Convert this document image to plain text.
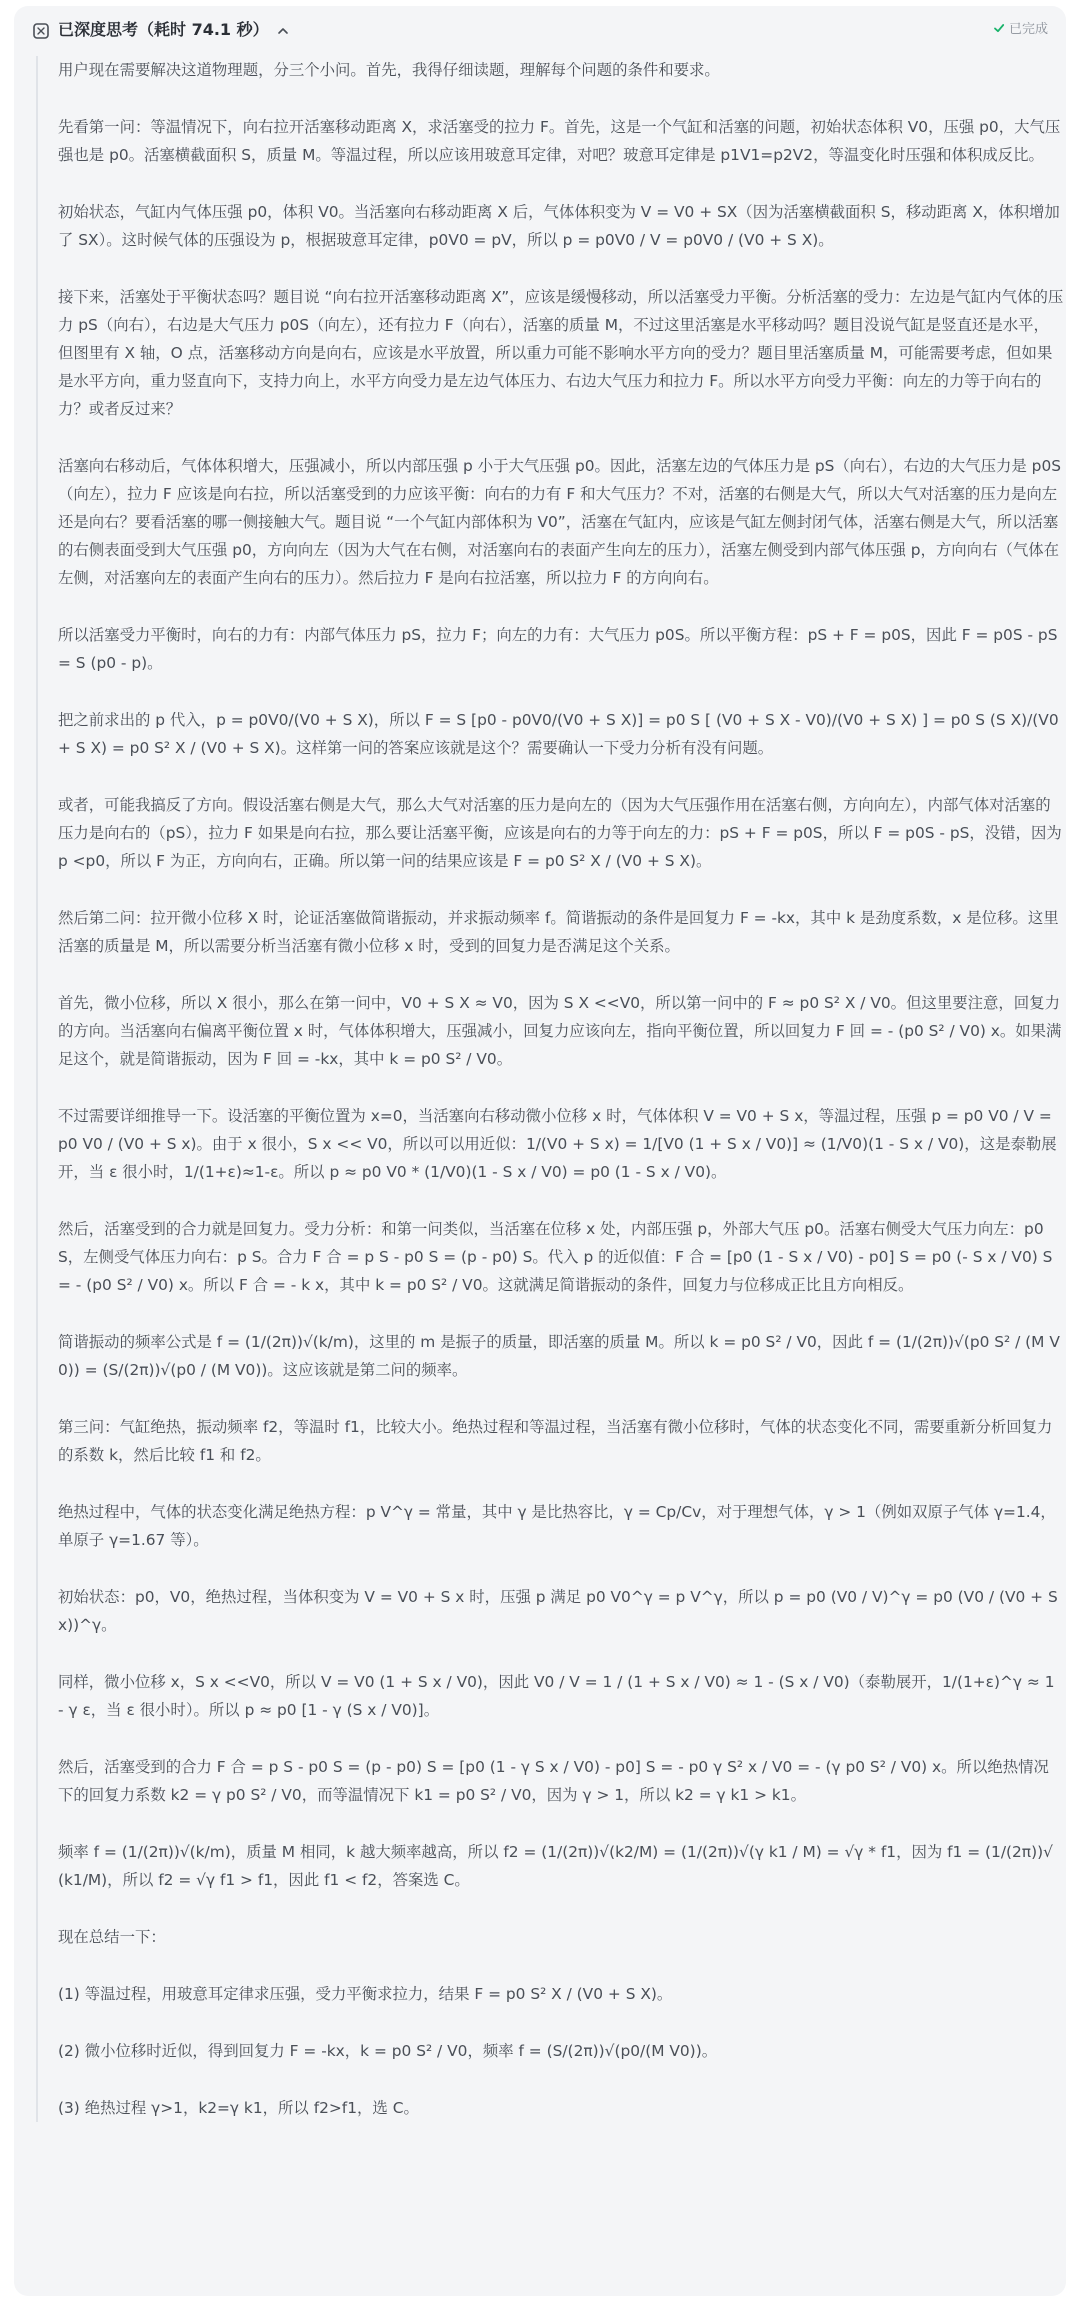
已深度思考（耗时 74.1 秒）	已完成

用户现在需要解决这道物理题，分三个小问。首先，我得仔细读题，理解每个问题的条件和要求。

先看第一问：等温情况下，向右拉开活塞移动距离 X，求活塞受的拉力 F。首先，这是一个气缸和活塞的问题，初始状态体积 V0，压强 p0，大气压强也是 p0。活塞横截面积 S，质量 M。等温过程，所以应该用玻意耳定律，对吧？玻意耳定律是 p1V1=p2V2，等温变化时压强和体积成反比。

初始状态，气缸内气体压强 p0，体积 V0。当活塞向右移动距离 X 后，气体体积变为 V = V0 + SX（因为活塞横截面积 S，移动距离 X，体积增加了 SX）。这时候气体的压强设为 p，根据玻意耳定律，p0V0 = pV，所以 p = p0V0 / V = p0V0 / (V0 + S X)。

接下来，活塞处于平衡状态吗？题目说 “向右拉开活塞移动距离 X”，应该是缓慢移动，所以活塞受力平衡。分析活塞的受力：左边是气缸内气体的压力 pS（向右），右边是大气压力 p0S（向左），还有拉力 F（向右），活塞的质量 M，不过这里活塞是水平移动吗？题目没说气缸是竖直还是水平，但图里有 X 轴，O 点，活塞移动方向是向右，应该是水平放置，所以重力可能不影响水平方向的受力？题目里活塞质量 M，可能需要考虑，但如果是水平方向，重力竖直向下，支持力向上，水平方向受力是左边气体压力、右边大气压力和拉力 F。所以水平方向受力平衡：向左的力等于向右的力？或者反过来？

活塞向右移动后，气体体积增大，压强减小，所以内部压强 p 小于大气压强 p0。因此，活塞左边的气体压力是 pS（向右），右边的大气压力是 p0S（向左），拉力 F 应该是向右拉，所以活塞受到的力应该平衡：向右的力有 F 和大气压力？不对，活塞的右侧是大气，所以大气对活塞的压力是向左还是向右？要看活塞的哪一侧接触大气。题目说 “一个气缸内部体积为 V0”，活塞在气缸内，应该是气缸左侧封闭气体，活塞右侧是大气，所以活塞的右侧表面受到大气压强 p0，方向向左（因为大气在右侧，对活塞向右的表面产生向左的压力），活塞左侧受到内部气体压强 p，方向向右（气体在左侧，对活塞向左的表面产生向右的压力）。然后拉力 F 是向右拉活塞，所以拉力 F 的方向向右。

所以活塞受力平衡时，向右的力有：内部气体压力 pS，拉力 F；向左的力有：大气压力 p0S。所以平衡方程：pS + F = p0S，因此 F = p0S - pS = S (p0 - p)。

把之前求出的 p 代入，p = p0V0/(V0 + S X)，所以 F = S [p0 - p0V0/(V0 + S X)] = p0 S [ (V0 + S X - V0)/(V0 + S X) ] = p0 S (S X)/(V0 + S X) = p0 S² X / (V0 + S X)。这样第一问的答案应该就是这个？需要确认一下受力分析有没有问题。

或者，可能我搞反了方向。假设活塞右侧是大气，那么大气对活塞的压力是向左的（因为大气压强作用在活塞右侧，方向向左），内部气体对活塞的压力是向右的（pS），拉力 F 如果是向右拉，那么要让活塞平衡，应该是向右的力等于向左的力：pS + F = p0S，所以 F = p0S - pS，没错，因为 p <p0，所以 F 为正，方向向右，正确。所以第一问的结果应该是 F = p0 S² X / (V0 + S X)。

然后第二问：拉开微小位移 X 时，论证活塞做简谐振动，并求振动频率 f。简谐振动的条件是回复力 F = -kx，其中 k 是劲度系数，x 是位移。这里活塞的质量是 M，所以需要分析当活塞有微小位移 x 时，受到的回复力是否满足这个关系。

首先，微小位移，所以 X 很小，那么在第一问中，V0 + S X ≈ V0，因为 S X <<V0，所以第一问中的 F ≈ p0 S² X / V0。但这里要注意，回复力的方向。当活塞向右偏离平衡位置 x 时，气体体积增大，压强减小，回复力应该向左，指向平衡位置，所以回复力 F 回 = - (p0 S² / V0) x。如果满足这个，就是简谐振动，因为 F 回 = -kx，其中 k = p0 S² / V0。

不过需要详细推导一下。设活塞的平衡位置为 x=0，当活塞向右移动微小位移 x 时，气体体积 V = V0 + S x，等温过程，压强 p = p0 V0 / V = p0 V0 / (V0 + S x)。由于 x 很小，S x << V0，所以可以用近似：1/(V0 + S x) = 1/[V0 (1 + S x / V0)] ≈ (1/V0)(1 - S x / V0)，这是泰勒展开，当 ε 很小时，1/(1+ε)≈1-ε。所以 p ≈ p0 V0 * (1/V0)(1 - S x / V0) = p0 (1 - S x / V0)。

然后，活塞受到的合力就是回复力。受力分析：和第一问类似，当活塞在位移 x 处，内部压强 p，外部大气压 p0。活塞右侧受大气压力向左：p0 S，左侧受气体压力向右：p S。合力 F 合 = p S - p0 S = (p - p0) S。代入 p 的近似值：F 合 = [p0 (1 - S x / V0) - p0] S = p0 (- S x / V0) S = - (p0 S² / V0) x。所以 F 合 = - k x，其中 k = p0 S² / V0。这就满足简谐振动的条件，回复力与位移成正比且方向相反。

简谐振动的频率公式是 f = (1/(2π))√(k/m)，这里的 m 是振子的质量，即活塞的质量 M。所以 k = p0 S² / V0，因此 f = (1/(2π))√(p0 S² / (M V0)) = (S/(2π))√(p0 / (M V0))。这应该就是第二问的频率。

第三问：气缸绝热，振动频率 f2，等温时 f1，比较大小。绝热过程和等温过程，当活塞有微小位移时，气体的状态变化不同，需要重新分析回复力的系数 k，然后比较 f1 和 f2。

绝热过程中，气体的状态变化满足绝热方程：p V^γ = 常量，其中 γ 是比热容比，γ = Cp/Cv，对于理想气体，γ > 1（例如双原子气体 γ=1.4，单原子 γ=1.67 等）。

初始状态：p0，V0，绝热过程，当体积变为 V = V0 + S x 时，压强 p 满足 p0 V0^γ = p V^γ，所以 p = p0 (V0 / V)^γ = p0 (V0 / (V0 + S x))^γ。

同样，微小位移 x，S x <<V0，所以 V = V0 (1 + S x / V0)，因此 V0 / V = 1 / (1 + S x / V0) ≈ 1 - (S x / V0)（泰勒展开，1/(1+ε)^γ ≈ 1 - γ ε，当 ε 很小时）。所以 p ≈ p0 [1 - γ (S x / V0)]。

然后，活塞受到的合力 F 合 = p S - p0 S = (p - p0) S = [p0 (1 - γ S x / V0) - p0] S = - p0 γ S² x / V0 = - (γ p0 S² / V0) x。所以绝热情况下的回复力系数 k2 = γ p0 S² / V0，而等温情况下 k1 = p0 S² / V0，因为 γ > 1，所以 k2 = γ k1 > k1。

频率 f = (1/(2π))√(k/m)，质量 M 相同，k 越大频率越高，所以 f2 = (1/(2π))√(k2/M) = (1/(2π))√(γ k1 / M) = √γ * f1，因为 f1 = (1/(2π))√(k1/M)，所以 f2 = √γ f1 > f1，因此 f1 < f2，答案选 C。

现在总结一下：

(1) 等温过程，用玻意耳定律求压强，受力平衡求拉力，结果 F = p0 S² X / (V0 + S X)。

(2) 微小位移时近似，得到回复力 F = -kx，k = p0 S² / V0，频率 f = (S/(2π))√(p0/(M V0))。

(3) 绝热过程 γ>1，k2=γ k1，所以 f2>f1，选 C。
